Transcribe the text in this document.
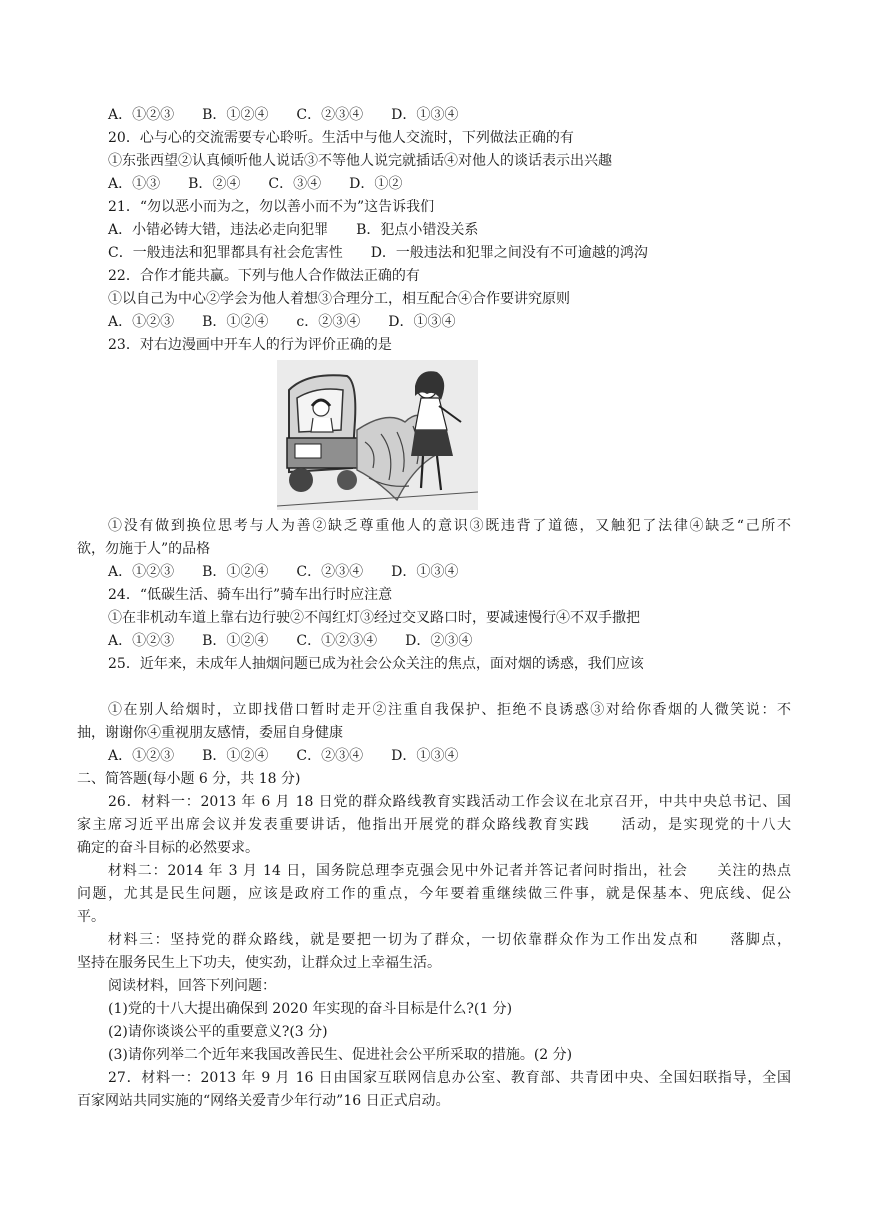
A．①②③　　B．①②④　　C．②③④　　D．①③④
20．心与心的交流需要专心聆听。生活中与他人交流时，下列做法正确的有
①东张西望②认真倾听他人说话③不等他人说完就插话④对他人的谈话表示出兴趣
A．①③　　B．②④　　C．③④　　D．①②
21．“勿以恶小而为之，勿以善小而不为”这告诉我们
A．小错必铸大错，违法必走向犯罪　　B．犯点小错没关系
C．一般违法和犯罪都具有社会危害性　　D．一般违法和犯罪之间没有不可逾越的鸿沟
22．合作才能共赢。下列与他人合作做法正确的有
①以自己为中心②学会为他人着想③合理分工，相互配合④合作要讲究原则
A．①②③　　B．①②④　　c．②③④　　D．①③④
23．对右边漫画中开车人的行为评价正确的是
①没有做到换位思考与人为善②缺乏尊重他人的意识③既违背了道德，又触犯了法律④缺乏“己所不
欲，勿施于人”的品格
A．①②③　　B．①②④　　C．②③④　　D．①③④
24．“低碳生活、骑车出行”骑车出行时应注意
①在非机动车道上靠右边行驶②不闯红灯③经过交叉路口时，要减速慢行④不双手撒把
A．①②③　　B．①②④　　C．①②③④　　D．②③④
25．近年来，未成年人抽烟问题已成为社会公众关注的焦点，面对烟的诱惑，我们应该
①在别人给烟时，立即找借口暂时走开②注重自我保护、拒绝不良诱惑③对给你香烟的人微笑说：不
抽，谢谢你④重视朋友感情，委屈自身健康
A．①②③　　B．①②④　　C．②③④　　D．①③④
二、简答题(每小题 6 分，共 18 分)
26．材料一：2013 年 6 月 18 日党的群众路线教育实践活动工作会议在北京召开，中共中央总书记、国
家主席习近平出席会议并发表重要讲话，他指出开展党的群众路线教育实践　　活动，是实现党的十八大
确定的奋斗目标的必然要求。
材料二：2014 年 3 月 14 日，国务院总理李克强会见中外记者并答记者问时指出，社会　　关注的热点
问题，尤其是民生问题，应该是政府工作的重点，今年要着重继续做三件事，就是保基本、兜底线、促公
平。
材料三：坚持党的群众路线，就是要把一切为了群众，一切依靠群众作为工作出发点和　　落脚点，
坚持在服务民生上下功夫，使实劲，让群众过上幸福生活。
阅读材料，回答下列问题：
(1)党的十八大提出确保到 2020 年实现的奋斗目标是什么?(1 分)
(2)请你谈谈公平的重要意义?(3 分)
(3)请你列举二个近年来我国改善民生、促进社会公平所采取的措施。(2 分)
27．材料一：2013 年 9 月 16 日由国家互联网信息办公室、教育部、共青团中央、全国妇联指导，全国
百家网站共同实施的“网络关爱青少年行动”16 日正式启动。
